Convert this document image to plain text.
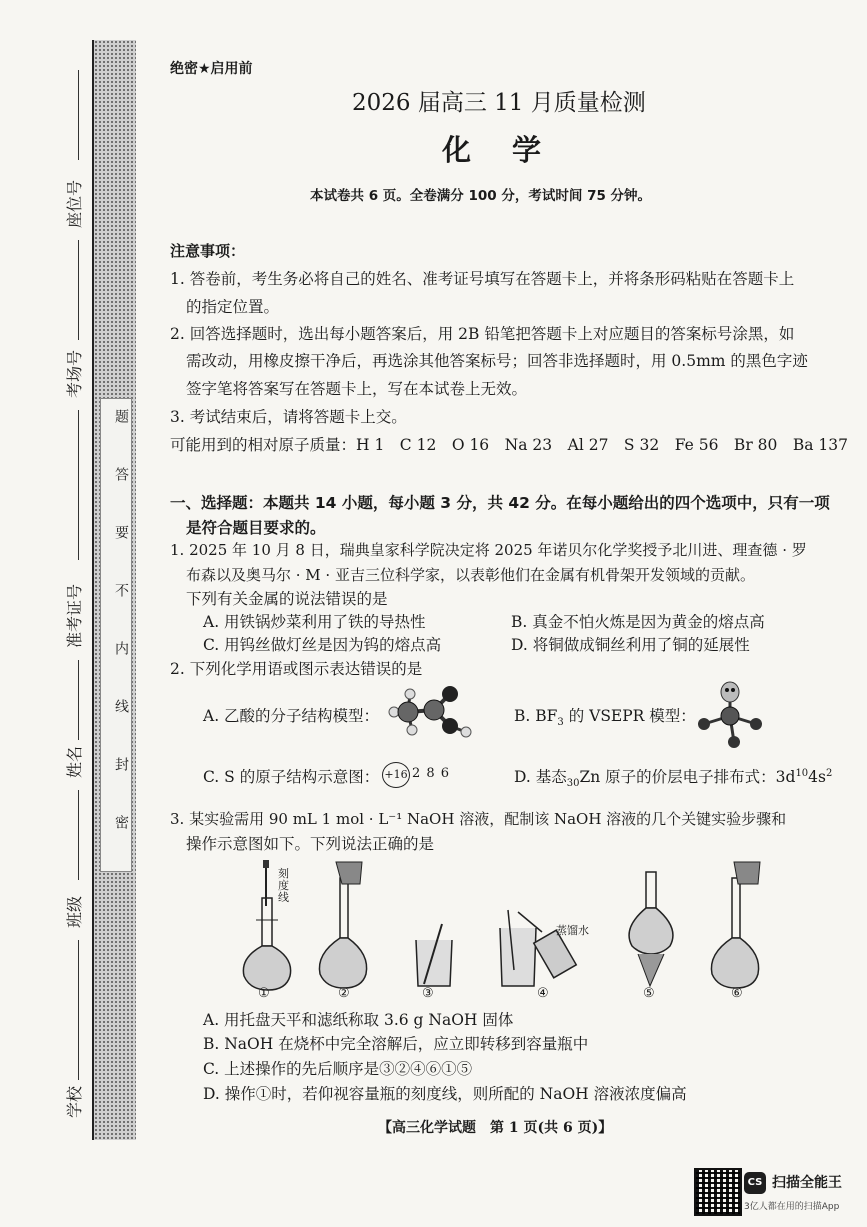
题
答
要
不
内
线
封
密
座位号
考场号
准考证号
姓名
班级
学校
绝密★启用前
2026 届高三 11 月质量检测
化　学
本试卷共 6 页。全卷满分 100 分，考试时间 75 分钟。
注意事项：
1. 答卷前，考生务必将自己的姓名、准考证号填写在答题卡上，并将条形码粘贴在答题卡上
的指定位置。
2. 回答选择题时，选出每小题答案后，用 2B 铅笔把答题卡上对应题目的答案标号涂黑，如
需改动，用橡皮擦干净后，再选涂其他答案标号；回答非选择题时，用 0.5mm 的黑色字迹
签字笔将答案写在答题卡上，写在本试卷上无效。
3. 考试结束后，请将答题卡上交。
可能用到的相对原子质量：H 1　C 12　O 16　Na 23　Al 27　S 32　Fe 56　Br 80　Ba 137
一、选择题：本题共 14 小题，每小题 3 分，共 42 分。在每小题给出的四个选项中，只有一项
是符合题目要求的。
1. 2025 年 10 月 8 日，瑞典皇家科学院决定将 2025 年诺贝尔化学奖授予北川进、理查德 · 罗
布森以及奥马尔 · M · 亚吉三位科学家，以表彰他们在金属有机骨架开发领域的贡献。
下列有关金属的说法错误的是
A. 用铁锅炒菜利用了铁的导热性	B. 真金不怕火炼是因为黄金的熔点高
C. 用钨丝做灯丝是因为钨的熔点高	D. 将铜做成铜丝利用了铜的延展性
2. 下列化学用语或图示表达错误的是
A. 乙酸的分子结构模型：	B. $BF_3$ 的 VSEPR 模型：
C. S 的原子结构示意图： +16 2 8 6	D. 基态$_{30}$Zn 原子的价层电子排布式：$3d^{10}4s^2$
3. 某实验需用 90 mL 1 mol · L⁻¹ NaOH 溶液，配制该 NaOH 溶液的几个关键实验步骤和
操作示意图如下。下列说法正确的是
刻度线
蒸馏水
①	②	③	④	⑤	⑥
A. 用托盘天平和滤纸称取 3.6 g NaOH 固体
B. NaOH 在烧杯中完全溶解后，应立即转移到容量瓶中
C. 上述操作的先后顺序是③②④⑥①⑤
D. 操作①时，若仰视容量瓶的刻度线，则所配的 NaOH 溶液浓度偏高
【高三化学试题　第 1 页(共 6 页)】
CS 扫描全能王
3亿人都在用的扫描App
